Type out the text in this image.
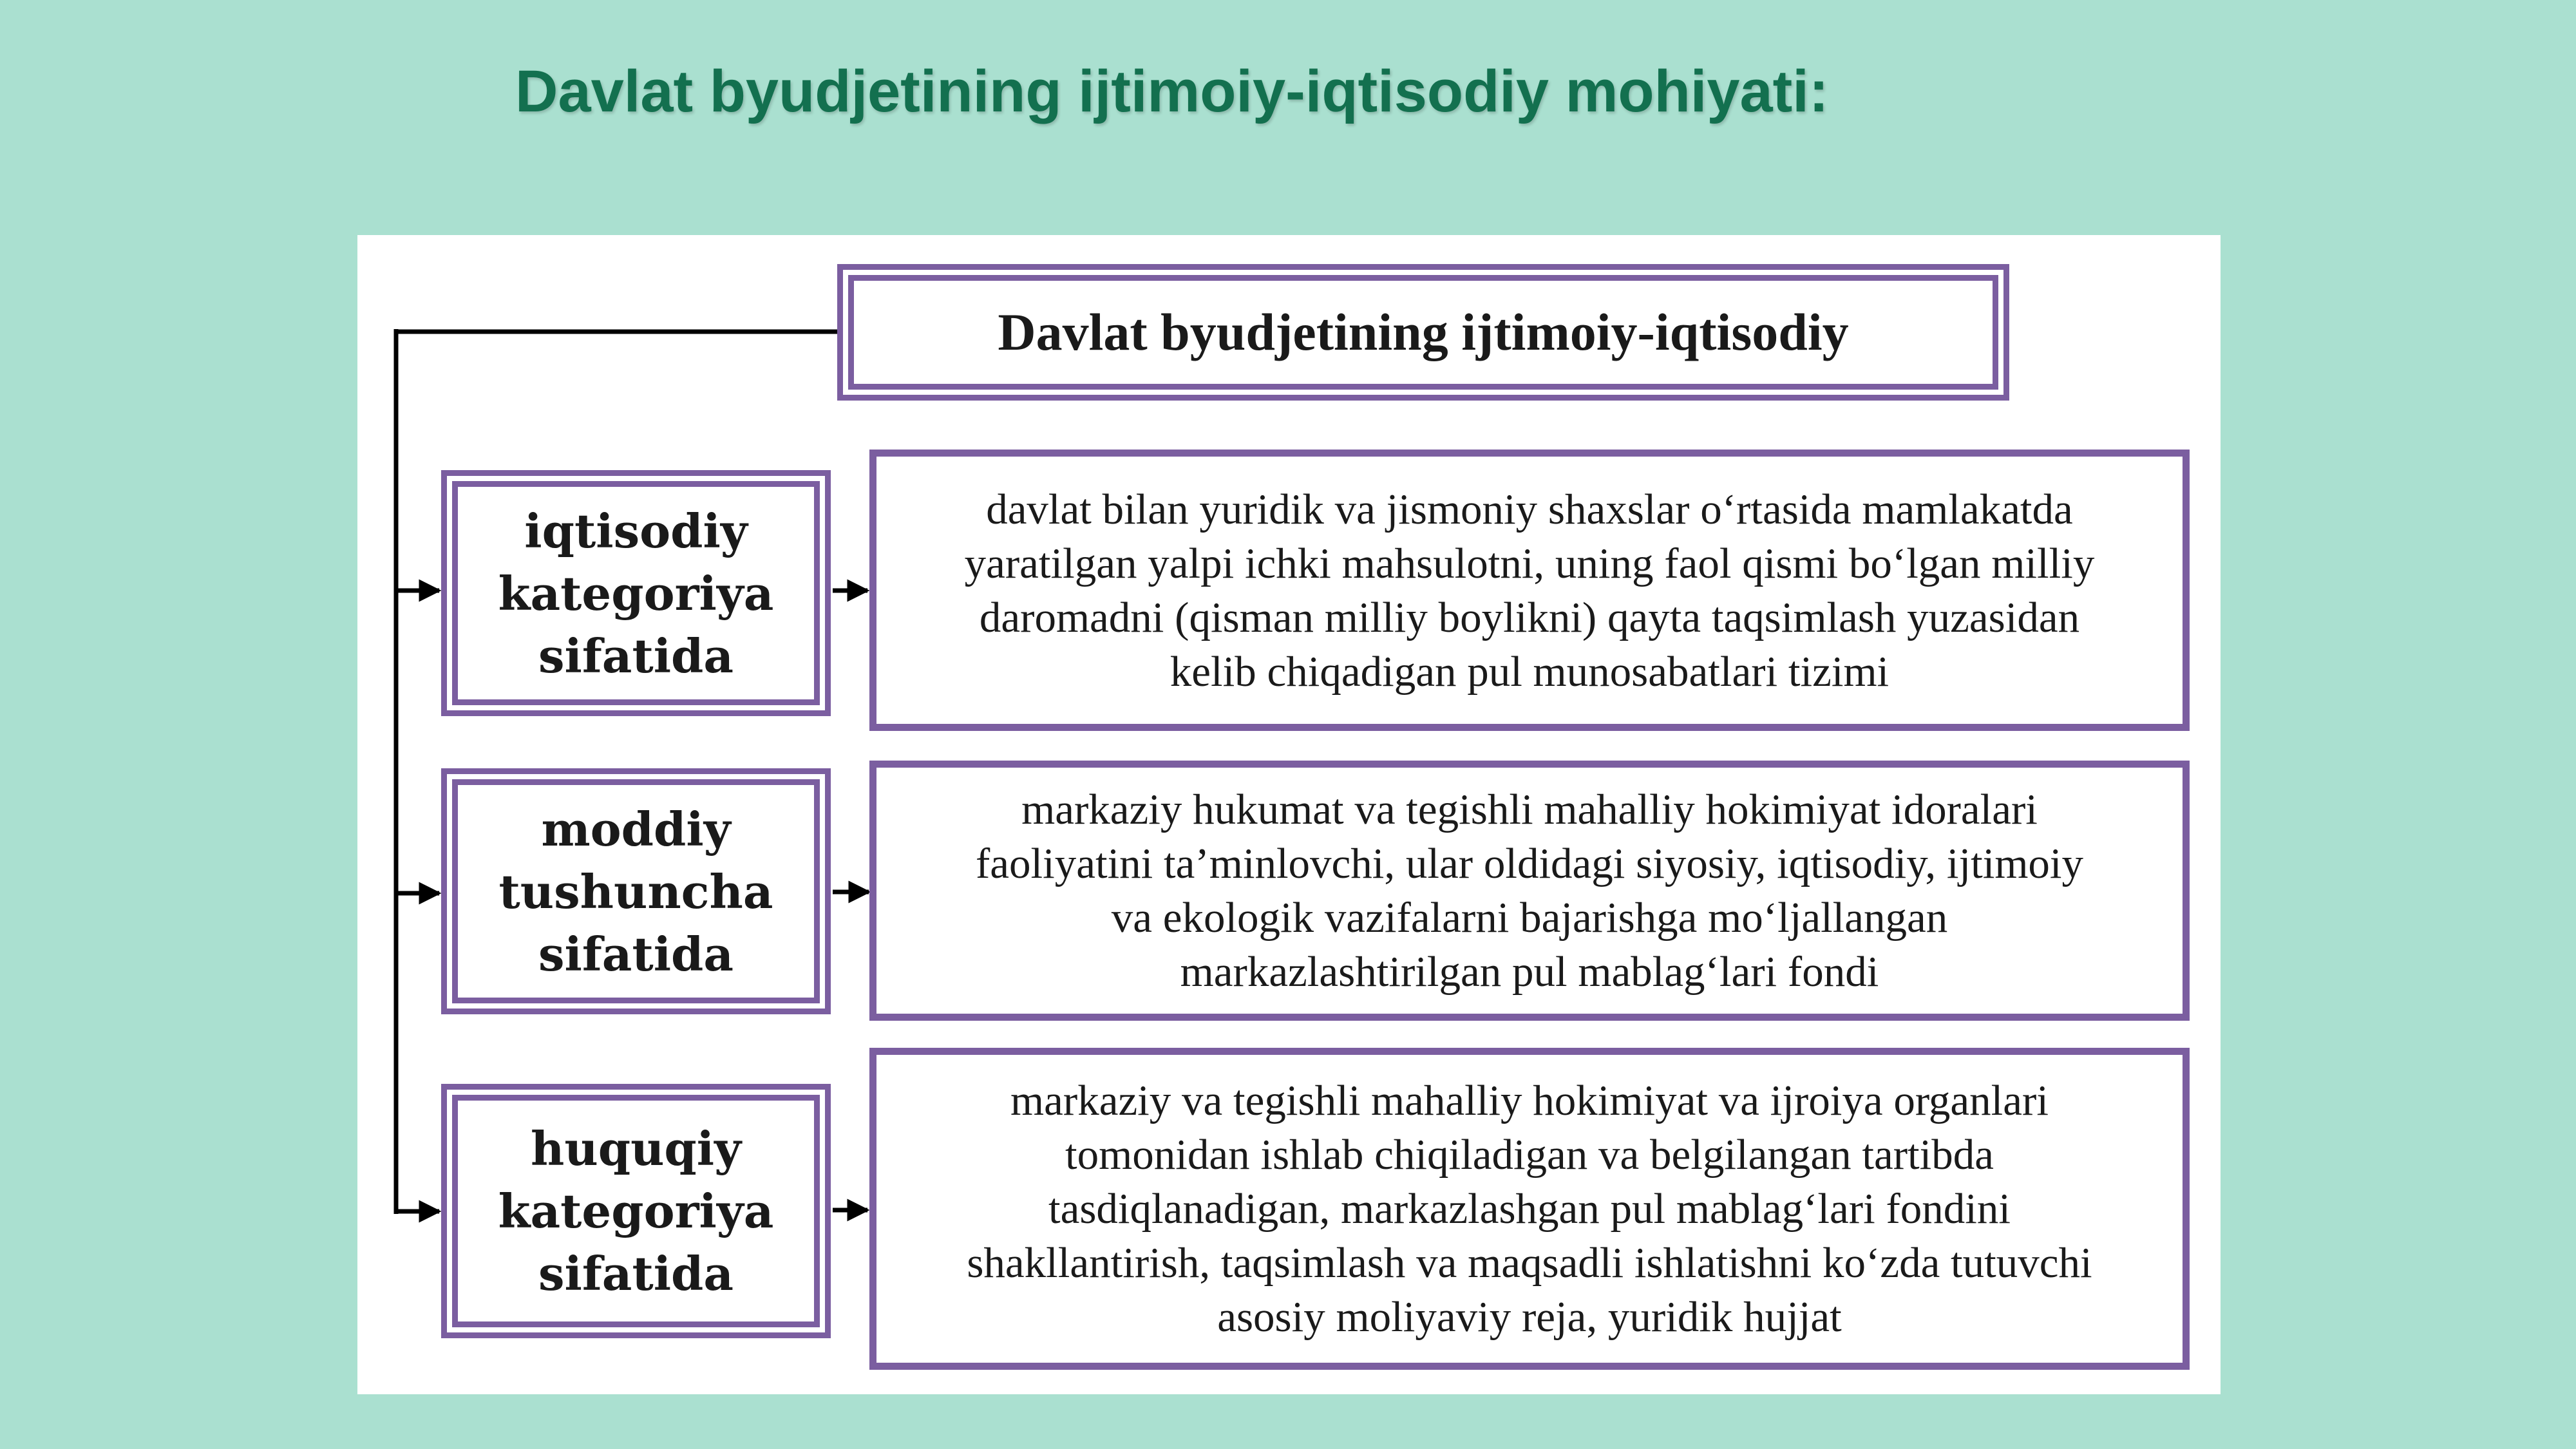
Davlat byudjetining ijtimoiy-iqtisodiy mohiyati:
Davlat byudjetining ijtimoiy-iqtisodiy
iqtisodiy
kategoriya
sifatida
davlat bilan yuridik va jismoniy shaxslar o‘rtasida mamlakatda
yaratilgan yalpi ichki mahsulotni, uning faol qismi bo‘lgan milliy
daromadni (qisman milliy boylikni) qayta taqsimlash yuzasidan
kelib chiqadigan pul munosabatlari tizimi
moddiy
tushuncha
sifatida
markaziy hukumat va tegishli mahalliy hokimiyat idoralari
faoliyatini ta’minlovchi, ular oldidagi siyosiy, iqtisodiy, ijtimoiy
va ekologik vazifalarni bajarishga mo‘ljallangan
markazlashtirilgan pul mablag‘lari fondi
huquqiy
kategoriya
sifatida
markaziy va tegishli mahalliy hokimiyat va ijroiya organlari
tomonidan ishlab chiqiladigan va belgilangan tartibda
tasdiqlanadigan, markazlashgan pul mablag‘lari fondini
shakllantirish, taqsimlash va maqsadli ishlatishni ko‘zda tutuvchi
asosiy moliyaviy reja, yuridik hujjat
